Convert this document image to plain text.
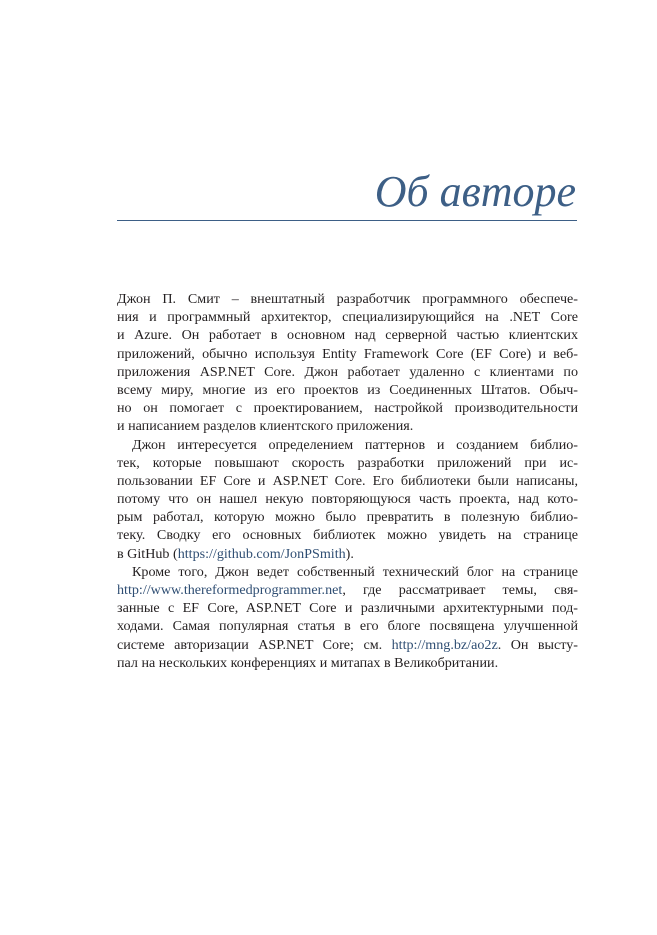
Об авторе
Джон П. Смит – внештатный разработчик программного обеспече-
ния и программный архитектор, специализирующийся на .NET Core
и Azure. Он работает в основном над серверной частью клиентских
приложений, обычно используя Entity Framework Core (EF Core) и веб-
приложения ASP.NET Core. Джон работает удаленно с клиентами по
всему миру, многие из его проектов из Соединенных Штатов. Обыч-
но он помогает с проектированием, настройкой производительности
и написанием разделов клиентского приложения.
Джон интересуется определением паттернов и созданием библио-
тек, которые повышают скорость разработки приложений при ис-
пользовании EF Core и ASP.NET Core. Его библиотеки были написаны,
потому что он нашел некую повторяющуюся часть проекта, над кото-
рым работал, которую можно было превратить в полезную библио-
теку. Сводку его основных библиотек можно увидеть на странице
в GitHub (https://github.com/JonPSmith).
Кроме того, Джон ведет собственный технический блог на странице
http://www.thereformedprogrammer.net, где рассматривает темы, свя-
занные с EF Core, ASP.NET Core и различными архитектурными под-
ходами. Самая популярная статья в его блоге посвящена улучшенной
системе авторизации ASP.NET Core; см. http://mng.bz/ao2z. Он высту-
пал на нескольких конференциях и митапах в Великобритании.
